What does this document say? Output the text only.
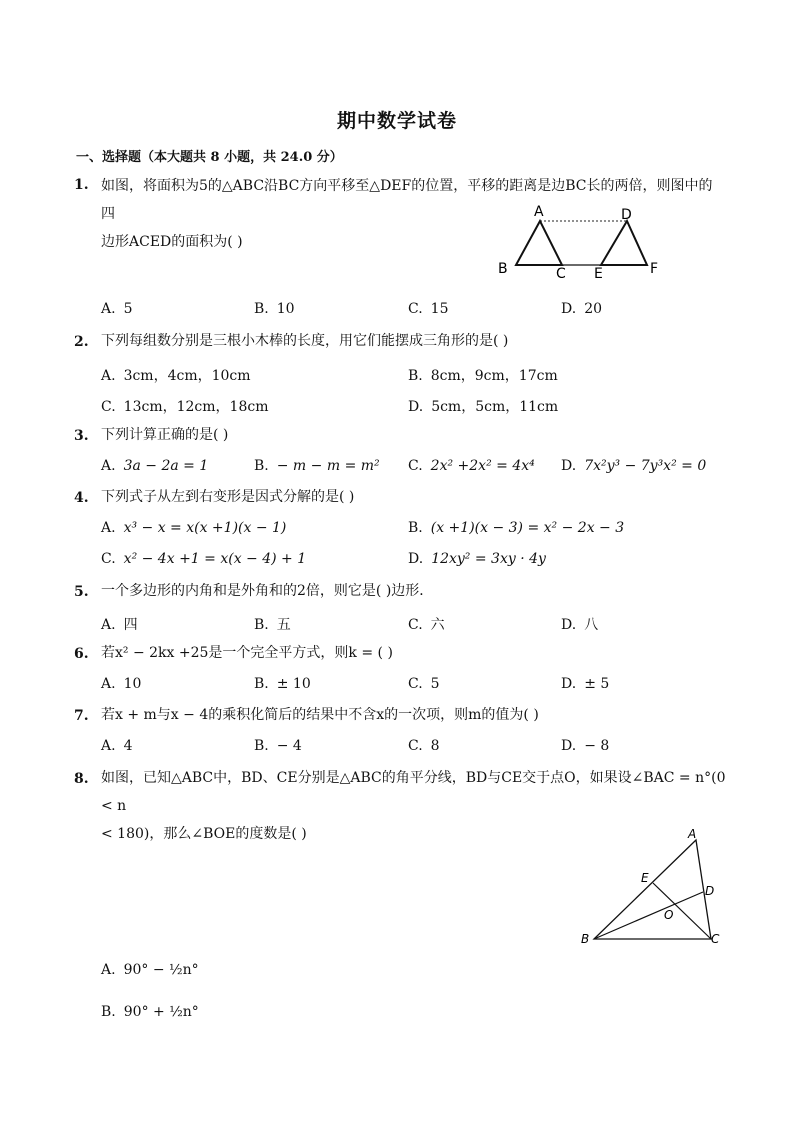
期中数学试卷
一、选择题（本大题共 8 小题，共 24.0 分）
1. 如图，将面积为5的△ABC沿BC方向平移至△DEF的位置，平移的距离是边BC长的两倍，则图中的四
边形ACED的面积为( )
A
B	C
D
E	F
A. 5	B. 10	C. 15	D. 20
2. 下列每组数分别是三根小木棒的长度，用它们能摆成三角形的是( )
A. 3cm，4cm，10cm	B. 8cm，9cm，17cm
C. 13cm，12cm，18cm	D. 5cm，5cm，11cm
3. 下列计算正确的是( )
A. 3a − 2a = 1	B. − m − m = m² C. 2x² +2x² = 4x⁴ D. 7x²y³ − 7y³x² = 0
4. 下列式子从左到右变形是因式分解的是( )
A. x³ − x = x(x +1)(x − 1)	B. (x +1)(x − 3) = x² − 2x − 3
C. x² − 4x +1 = x(x − 4) + 1	D. 12xy² = 3xy · 4y
5. 一个多边形的内角和是外角和的2倍，则它是( )边形．
A. 四	B. 五	C. 六	D. 八
6. 若x² − 2kx +25是一个完全平方式，则k = ( )
A. 10	B. ± 10	C. 5	D. ± 5
7. 若x + m与x − 4的乘积化简后的结果中不含x的一次项，则m的值为( )
A. 4	B. − 4	C. 8	D. − 8
8. 如图，已知△ABC中，BD、CE分别是△ABC的角平分线，BD与CE交于点O，如果设∠BAC = n°(0 < n
< 180)，那么∠BOE的度数是( )	A
B	C
D
E
O
A. 90° − ½n°
B. 90° + ½n°
